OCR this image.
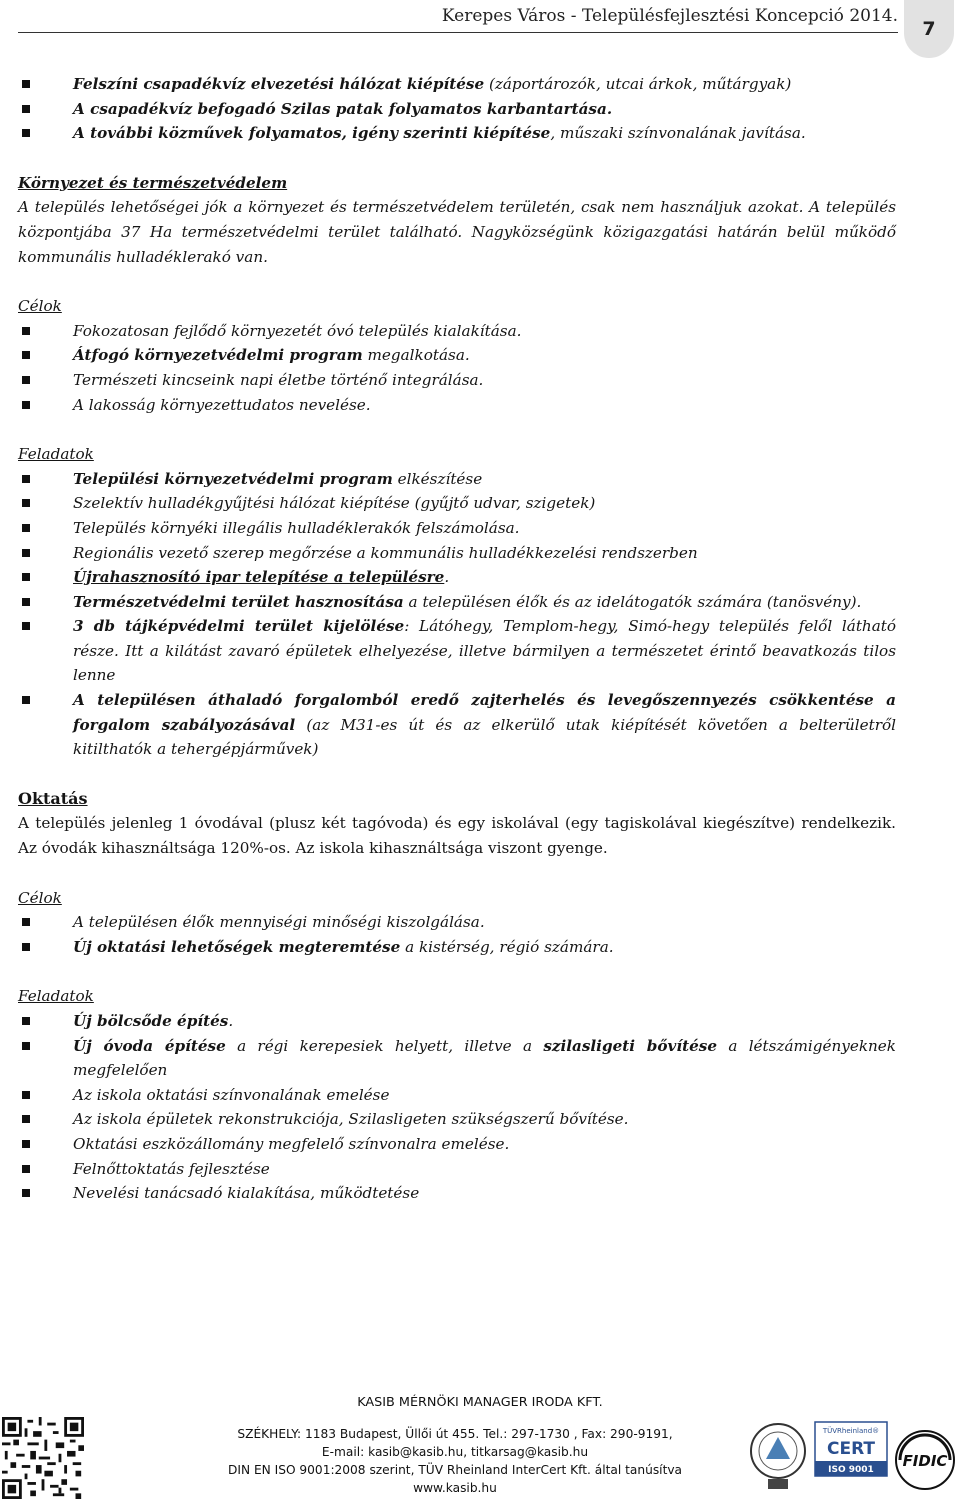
Kerepes Város - Településfejlesztési Koncepció 2014.
7
Felszíni csapadékvíz elvezetési hálózat kiépítése (záportározók, utcai árkok, műtárgyak)
A csapadékvíz befogadó Szilas patak folyamatos karbantartása.
A további közművek folyamatos, igény szerinti kiépítése, műszaki színvonalának javítása.

Környezet és természetvédelem

A település lehetőségei jók a környezet és természetvédelem területén, csak nem használjuk azokat. A település központjába 37 Ha természetvédelmi terület található. Nagyközségünk közigazgatási határán belül működő kommunális hulladéklerakó van.

Célok

Fokozatosan fejlődő környezetét óvó település kialakítása.
Átfogó környezetvédelmi program megalkotása.
Természeti kincseink napi életbe történő integrálása.
A lakosság környezettudatos nevelése.

Feladatok

Települési környezetvédelmi program elkészítése
Szelektív hulladékgyűjtési hálózat kiépítése (gyűjtő udvar, szigetek)
Település környéki illegális hulladéklerakók felszámolása.
Regionális vezető szerep megőrzése a kommunális hulladékkezelési rendszerben
Újrahasznosító ipar telepítése a településre.
Természetvédelmi terület hasznosítása a településen élők és az idelátogatók számára (tanösvény).
3 db tájképvédelmi terület kijelölése: Látóhegy, Templom-hegy, Simó-hegy település felől látható része. Itt a kilátást zavaró épületek elhelyezése, illetve bármilyen a természetet érintő beavatkozás tilos lenne
A településen áthaladó forgalomból eredő zajterhelés és levegőszennyezés csökkentése a forgalom szabályozásával (az M31-es út és az elkerülő utak kiépítését követően a belterületről kitilthatók a tehergépjárművek)

Oktatás

A település jelenleg 1 óvodával (plusz két tagóvoda) és egy iskolával (egy tagiskolával kiegészítve) rendelkezik. Az óvodák kihasználtsága 120%-os. Az iskola kihasználtsága viszont gyenge.

Célok

A településen élők mennyiségi minőségi kiszolgálása.
Új oktatási lehetőségek megteremtése a kistérség, régió számára.

Feladatok

Új bölcsőde építés.
Új óvoda építése a régi kerepesiek helyett, illetve a szilasligeti bővítése a létszámigényeknek megfelelően
Az iskola oktatási színvonalának emelése
Az iskola épületek rekonstrukciója, Szilasligeten szükségszerű bővítése.
Oktatási eszközállomány megfelelő színvonalra emelése.
Felnőttoktatás fejlesztése
Nevelési tanácsadó kialakítása, működtetése
KASIB MÉRNÖKI MANAGER IRODA KFT.
SZÉKHELY: 1183 Budapest, Üllői út 455. Tel.: 297-1730 , Fax: 290-9191,
E-mail: kasib@kasib.hu, titkarsag@kasib.hu
DIN EN ISO 9001:2008 szerint, TÜV Rheinland InterCert Kft. által tanúsítva
www.kasib.hu
TÜVRheinland®
CERT
ISO 9001 FIDIC
